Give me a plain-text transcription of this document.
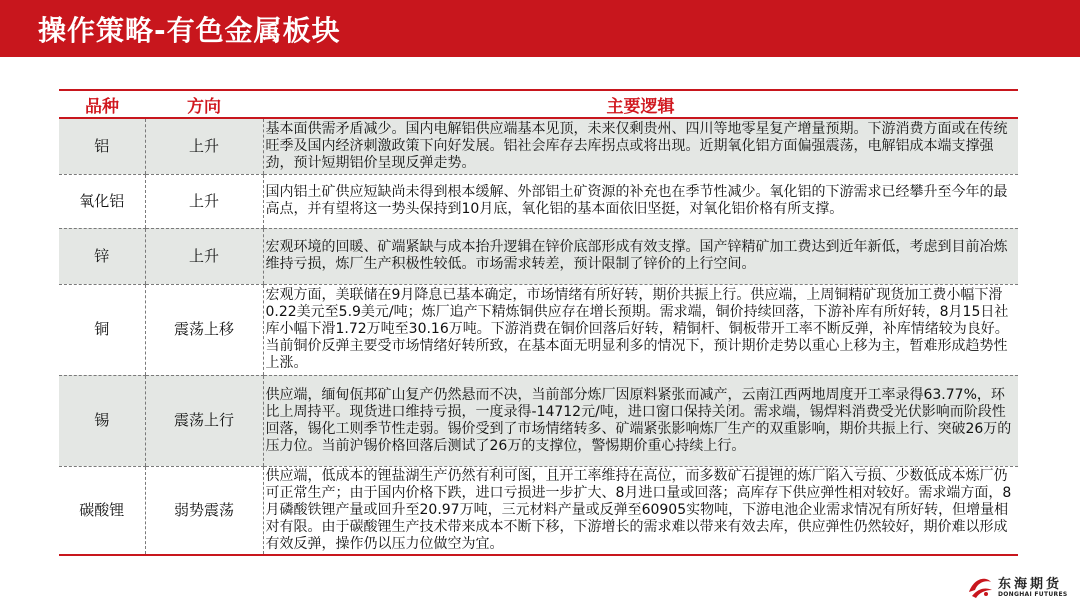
操作策略-有色金属板块
品种	方向	主要逻辑
铝	上升	基本面供需矛盾减少。国内电解铝供应端基本见顶，未来仅剩贵州、四川等地零星复产增量预期。下游消费方面或在传统旺季及国内经济刺激政策下向好发展。铝社会库存去库拐点或将出现。近期氧化铝方面偏强震荡，电解铝成本端支撑强劲，预计短期铝价呈现反弹走势。
氧化铝	上升	国内铝土矿供应短缺尚未得到根本缓解、外部铝土矿资源的补充也在季节性减少。氧化铝的下游需求已经攀升至今年的最高点，并有望将这一势头保持到10月底，氧化铝的基本面依旧坚挺，对氧化铝价格有所支撑。
锌	上升	宏观环境的回暖、矿端紧缺与成本抬升逻辑在锌价底部形成有效支撑。国产锌精矿加工费达到近年新低，考虑到目前冶炼维持亏损，炼厂生产积极性较低。市场需求转差，预计限制了锌价的上行空间。
铜	震荡上移	宏观方面，美联储在9月降息已基本确定，市场情绪有所好转，期价共振上行。供应端，上周铜精矿现货加工费小幅下滑0.22美元至5.9美元/吨；炼厂追产下精炼铜供应存在增长预期。需求端，铜价持续回落，下游补库有所好转，8月15日社库小幅下滑1.72万吨至30.16万吨。下游消费在铜价回落后好转，精铜杆、铜板带开工率不断反弹，补库情绪较为良好。当前铜价反弹主要受市场情绪好转所致，在基本面无明显利多的情况下，预计期价走势以重心上移为主，暂难形成趋势性上涨。
锡	震荡上行	供应端，缅甸佤邦矿山复产仍然悬而不决，当前部分炼厂因原料紧张而减产，云南江西两地周度开工率录得63.77%，环比上周持平。现货进口维持亏损，一度录得-14712元/吨，进口窗口保持关闭。需求端，锡焊料消费受光伏影响而阶段性回落，锡化工则季节性走弱。锡价受到了市场情绪转多、矿端紧张影响炼厂生产的双重影响，期价共振上行、突破26万的压力位。当前沪锡价格回落后测试了26万的支撑位，警惕期价重心持续上行。
碳酸锂	弱势震荡	供应端，低成本的锂盐湖生产仍然有利可图，且开工率维持在高位，而多数矿石提锂的炼厂陷入亏损、少数低成本炼厂仍可正常生产；由于国内价格下跌，进口亏损进一步扩大、8月进口量或回落；高库存下供应弹性相对较好。需求端方面，8月磷酸铁锂产量或回升至20.97万吨，三元材料产量或反弹至60905实物吨，下游电池企业需求情况有所好转，但增量相对有限。由于碳酸锂生产技术带来成本不断下移，下游增长的需求难以带来有效去库，供应弹性仍然较好，期价难以形成有效反弹，操作仍以压力位做空为宜。
东海期货
DONGHAI FUTURES
